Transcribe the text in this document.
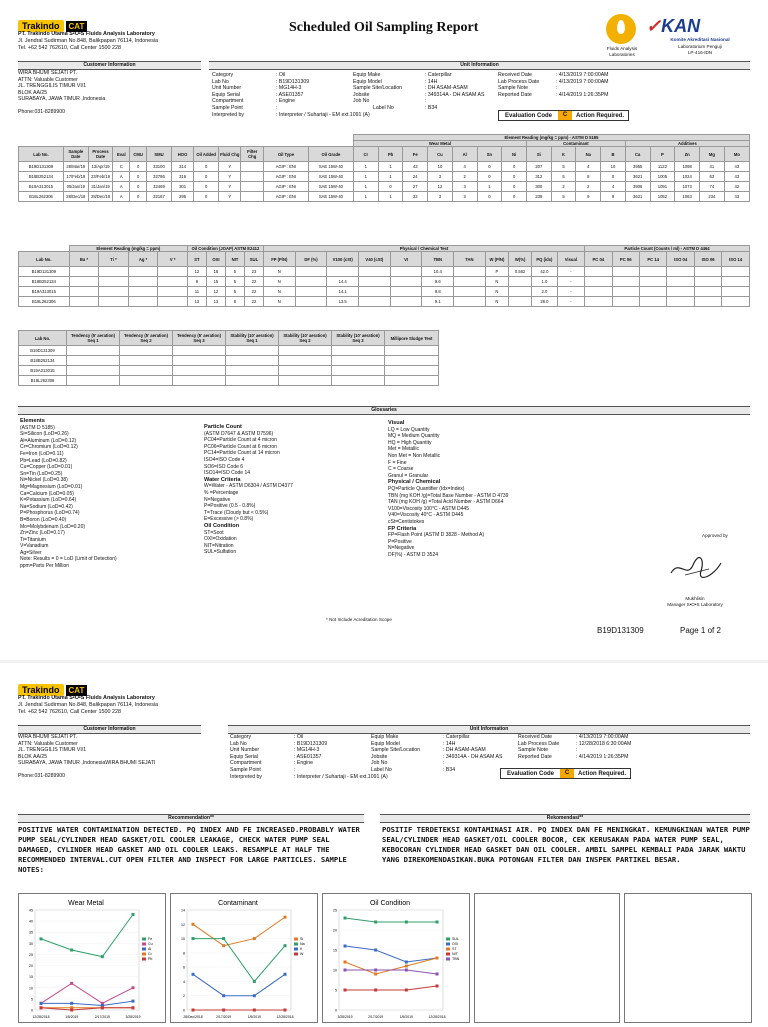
Trakindo CAT
PT. Trakindo Utama S•O•S Fluids Analysis Laboratory
Jl. Jendral Sudirman No.848, Balikpapan 76114, Indonesia
Tel. +62 542 762610, Call Center 1500 228
Scheduled Oil Sampling Report
Fluids Analysis Laboratories
✓KAN
Komite Akreditasi Nasional
Laboratorium Penguji
LP-416-IDN
Customer Information	Unit Information
WIRA BHUMI SEJATI PT.
ATTN: Valuable Customer
JL. TRENGGILIS TIMUR VI/1
BLOK AA/25
SURABAYA, JAWA TIMUR ,Indonesia
Phone:031-8289900
Category	: Oil
Lab No	: B19D131309
Unit Number	: MG14H-3
Equip Serial	: ASE01357
Compartment	: Engine
Sample Point	:
Interpreted by	: Interpreter / Suhartaji - EM ext.1091 (A)
Equip Make	: Caterpillar
Equip Model	: 14H
Sample Site/Location	: DH ASAM-ASAM
Jobsite	: 349314A - DH ASAM AS
Job No	:
Label No	: B34
Received Date	: 4/13/2019 7:00:00AM
Lab Process Date	: 4/13/2019 7:00:00AM
Sample Note	:
Reported Date	: 4/14/2019 1:26:35PM
Evaluation Code	C	Action Required.
												Element Reading (mg/kg = ppm) - ASTM D 5185															
												Wear Metal							Contaminant				Additives				
Lab No.	Sample Date	Process Date	Eval	CMU	SMU	HOO	Oil Added	Fluid Chg	Filter Chg	Oil Type	Oil Grade	Cr	Pb	Fe	Cu	Al	Sn	Ni	Si	K	Na	B	Ca	P	Zn	Mg	Mo
B19D131309	28/Mar/19	13/Apr/19	C	0	33100	314	0	Y		AGIP : ENI	SAE 15W-40	1	1	43	10	4	0	0	207	5	4	10	3955	1122	1098	41	43
B18B252134	17/Feb/19	23/Feb/19	A	0	32786	316	0	Y		AGIP : ENI	SAE 15W-40	1	1	24	3	2	0	0	312	5	8	0	3621	1005	1024	63	43
B19A313015	05/Jan/19	31/Jan/19	A	0	32469	301	0	Y		AGIP : ENI	SAE 15W-40	1	0	27	12	3	1	0	300	2	2	4	3906	1091	1073	74	42
B18L262306	28/Dec/18	28/Dec/18	A	0	32167	295	0	Y		AGIP : ENI	SAE 15W-40	1	1	32	3	3	0	0	239	5	9	9	3621	1052	1063	234	43
	Element Reading (mg/kg = ppm)				Oil Condition (JOAP) ASTM E2412				Physical / Chemical Test											Particle Count (Counts / ml) - ASTM D 4464					
Lab No.	Ba *	Ti *	Ag *	V *	ST	OXI	NIT	SUL	FP (P/N)	DF (%)	V100 (cSt)	V40 (cSt)	VI	TBN	TAN	W (P/N)	W(%)	PQ (idx)	Visual	PC 04	PC 06	PC 14	ISO 04	ISO 06	ISO 14
B19D131309					12	16	5	23	N					10.4		P	0.562	42.0	-						
B18B252134					9	15	5	22	N		14.4			9.6		N		1.0	-						
B19A313015					11	12	5	22	N		14.1			9.8		N		2.0	-						
B18L262306					13	13	6	22	N		13.5			9.1		N		28.0	-						
Lab No.	Tendency (5' aeration) Seq 1	Tendency (5' aeration) Seq 2	Tendency (5' aeration) Seq 3	Stability (10' aeration) Seq 1	Stability (10' aeration) Seq 2	Stability (10' aeration) Seq 3	Millipore Sludge Test
B19D131309							
B18B252134							
B19A313015							
B18L262306							
Glossaries
Elements
(ASTM D 5185)
Si=Silicon (LoD=0.26)
Al=Aluminum (LoD=0.12)
Cr=Chromium (LoD=0.12)
Fe=Iron (LoD=0.11)
Pb=Lead (LoD=0.82)
Cu=Copper (LoD=0.01)
Sn=Tin (LoD=0.25)
Ni=Nickel (LoD=0.38)
Mg=Magnesium (LoD=0.01)
Ca=Calcium (LoD=0.05)
K=Potassium (LoD=0.64)
Na=Sodium (LoD=0.42)
P=Phosphorus (LoD=0.74)
B=Boron (LoD=0.40)
Mo=Molybdenum (LoD=0.20)
Zn=Zinc (LoD=0.17)
Ti=Titanium
V=Vanadium
Ag=Silver
Note: Results = 0 = LoD (Limit of Detection)
ppm=Parts Per Million
Particle Count
(ASTM D7647 & ASTM D7596)
PC04=Particle Count at 4 micron
PC06=Particle Count at 6 micron
PC14=Particle Count at 14 micron
ISO4=ISO Code 4
SO6=ISO Code 6
ISO14=ISO Code 14
Water Criteria
W=Water - ASTM D6304 / ASTM D4377
% =Percentage
N=Negative
P=Positive (0.5 - 0.8%)
T=Trace (Cloudy but < 0.5%)
E=Excessive (> 0.8%)
Oil Condition
ST=Soot
OXI=Oxidation
NIT=Nitration
SUL=Sulfation
Visual
LQ = Low Quantity
MQ = Medium Quantity
HQ = High Quantity
Met = Metallic
Non Met = Non Metallic
F = Fine
C = Coarse
Granul = Granular
Physical / Chemical
PQ=Particle Quantifier (Idx=Index)
TBN (mg KOH /g)=Total Base Number - ASTM D 4739
TAN (mg KOH /g) =Total Acid Number - ASTM D664
V100=Viscosity 100°C - ASTM D445
V40=Viscosity 40°C - ASTM D445
cSt=Centistokes
FP Criteria
FP=Flash Point (ASTM D 3828 - Method A)
P=Positive
N=Negative
DF(%) - ASTM D 3524
Approved by
Mukhlisin
Manager S•O•S Laboratory
* Not Include Acreditation Scope
B19D131309	Page 1 of 2
Trakindo CAT
PT. Trakindo Utama S•O•S Fluids Analysis Laboratory
Jl. Jendral Sudirman No.848, Balikpapan 76114, Indonesia
Tel. +62 542 762610, Call Center 1500 228
Customer Information	Unit Information
WIRA BHUMI SEJATI PT.
ATTN: Valuable Customer
JL. TRENGGILIS TIMUR VI/1
BLOK AA/25
SURABAYA, JAWA TIMUR ,IndonesiaWIRA BHUMI SEJATI
Phone:031-8289900
Category	: Oil
Lab No	: B19D131309
Unit Number	: MG14H-3
Equip Serial	: ASE01357
Compartment	: Engine
Sample Point	:
Interpreted by	: Interpreter / Suhartaji - EM ext.1091 (A)
Equip Make	: Caterpillar
Equip Model	: 14H
Sample Site/Location	: DH ASAM-ASAM
Jobsite	: 349314A - DH ASAM AS
Job No	:
Label No	: B34
Received Date	: 4/13/2019 7:00:00AM
Lab Process Date	: 12/28/2018 6:30:00AM
Sample Note	:
Reported Date	: 4/14/2019 1:26:35PM
Evaluation Code	C	Action Required.
Recommendation**	Rekomendasi**
POSITIVE WATER CONTAMINATION DETECTED. PQ INDEX AND FE INCREASED.PROBABLY WATER PUMP SEAL/CYLINDER HEAD GASKET/OIL COOLER LEAKAGE, CHECK WATER PUMP SEAL DAMAGED, CYLINDER HEAD GASKET AND OIL COOLER LEAKS. RESAMPLE AT HALF THE RECOMMENDED INTERVAL.CUT OPEN FILTER AND INSPECT FOR LARGE PARTICLES. SAMPLE NOTES:
POSITIF TERDETEKSI KONTAMINASI AIR. PQ INDEX DAN FE MENINGKAT. KEMUNGKINAN WATER PUMP SEAL/CYLINDER HEAD GASKET/OIL COOLER BOCOR, CEK KERUSAKAN PADA WATER PUMP SEAL, KEBOCORAN CYLINDER HEAD GASKET DAN OIL COOLER. AMBIL SAMPEL KEMBALI PADA JARAK WAKTU YANG DIREKOMENDASIKAN.BUKA POTONGAN FILTER DAN INSPEK PARTIKEL BESAR.
Wear Metal
0
5
10
15
20
25
30
35
40
45
12/28/2018	1/5/2019	2/17/2019	3/28/2019
Fe
Cu
Al
Cr
Pb
Contaminant
0
2
4
6
8
10
12
14
28/Dec/2018	2/17/2019	1/5/2019	12/28/2018
Si
Na
K
W
Oil Condition
0
5
10
15
20
25
3/28/2019	2/17/2019	1/5/2019	12/28/2018
SUL
OXI
ST
NIT
TBN
